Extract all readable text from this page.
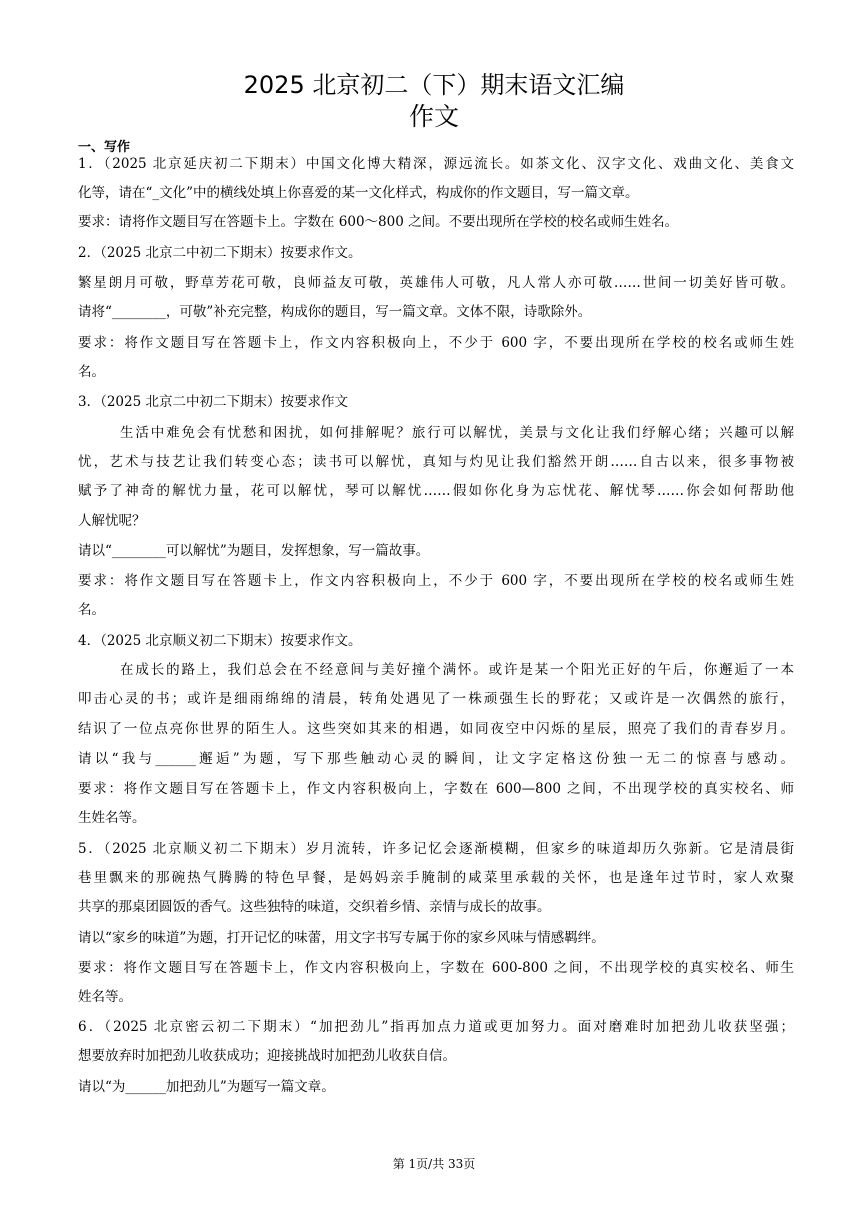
2025 北京初二（下）期末语文汇编
作文
一、写作
1．（2025 北京延庆初二下期末）中国文化博大精深，源远流长。如茶文化、汉字文化、戏曲文化、美食文
化等，请在“_文化”中的横线处填上你喜爱的某一文化样式，构成你的作文题目，写一篇文章。
要求：请将作文题目写在答题卡上。字数在 600～800 之间。不要出现所在学校的校名或师生姓名。
2．（2025 北京二中初二下期末）按要求作文。
繁星朗月可敬，野草芳花可敬，良师益友可敬，英雄伟人可敬，凡人常人亦可敬……世间一切美好皆可敬。
请将“________，可敬”补充完整，构成你的题目，写一篇文章。文体不限，诗歌除外。
要求：将作文题目写在答题卡上，作文内容积极向上，不少于 600 字，不要出现所在学校的校名或师生姓
名。
3．（2025 北京二中初二下期末）按要求作文
生活中难免会有忧愁和困扰，如何排解呢？旅行可以解忧，美景与文化让我们纾解心绪；兴趣可以解
忧，艺术与技艺让我们转变心态；读书可以解忧，真知与灼见让我们豁然开朗……自古以来，很多事物被
赋予了神奇的解忧力量，花可以解忧，琴可以解忧……假如你化身为忘忧花、解忧琴……你会如何帮助他
人解忧呢？
请以“________可以解忧”为题目，发挥想象，写一篇故事。
要求：将作文题目写在答题卡上，作文内容积极向上，不少于 600 字，不要出现所在学校的校名或师生姓
名。
4．（2025 北京顺义初二下期末）按要求作文。
在成长的路上，我们总会在不经意间与美好撞个满怀。或许是某一个阳光正好的午后，你邂逅了一本
叩击心灵的书；或许是细雨绵绵的清晨，转角处遇见了一株顽强生长的野花；又或许是一次偶然的旅行，
结识了一位点亮你世界的陌生人。这些突如其来的相遇，如同夜空中闪烁的星辰，照亮了我们的青春岁月。
请以“我与______邂逅”为题，写下那些触动心灵的瞬间，让文字定格这份独一无二的惊喜与感动。
要求：将作文题目写在答题卡上，作文内容积极向上，字数在 600—800 之间，不出现学校的真实校名、师
生姓名等。
5．（2025 北京顺义初二下期末）岁月流转，许多记忆会逐渐模糊，但家乡的味道却历久弥新。它是清晨街
巷里飘来的那碗热气腾腾的特色早餐，是妈妈亲手腌制的咸菜里承载的关怀，也是逢年过节时，家人欢聚
共享的那桌团圆饭的香气。这些独特的味道，交织着乡情、亲情与成长的故事。
请以“家乡的味道”为题，打开记忆的味蕾，用文字书写专属于你的家乡风味与情感羁绊。
要求：将作文题目写在答题卡上，作文内容积极向上，字数在 600-800 之间，不出现学校的真实校名、师生
姓名等。
6．（2025 北京密云初二下期末）“加把劲儿”指再加点力道或更加努力。面对磨难时加把劲儿收获坚强；
想要放弃时加把劲儿收获成功；迎接挑战时加把劲儿收获自信。
请以“为______加把劲儿”为题写一篇文章。
第 1页/共 33页
